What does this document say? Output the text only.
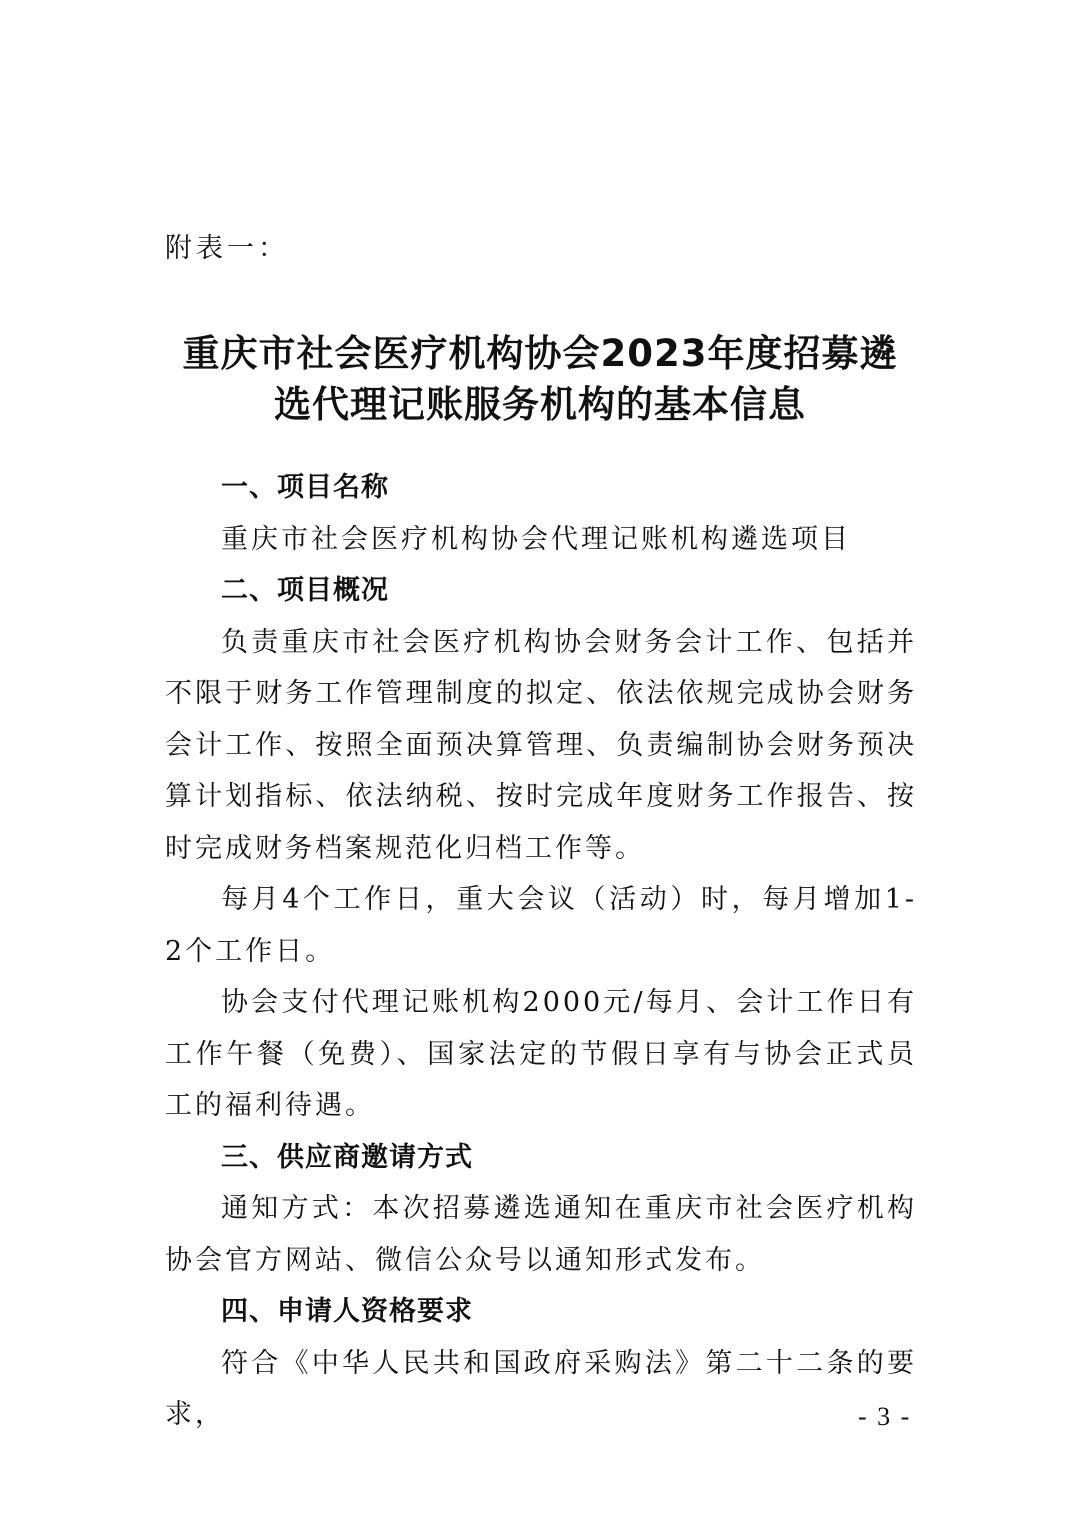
附表一：

重庆市社会医疗机构协会2023年度招募遴
选代理记账服务机构的基本信息
一、项目名称

重庆市社会医疗机构协会代理记账机构遴选项目

二、项目概况

负责重庆市社会医疗机构协会财务会计工作、包括并不限于财务工作管理制度的拟定、依法依规完成协会财务会计工作、按照全面预决算管理、负责编制协会财务预决算计划指标、依法纳税、按时完成年度财务工作报告、按时完成财务档案规范化归档工作等。

每月4个工作日，重大会议（活动）时，每月增加1-2个工作日。

协会支付代理记账机构2000元/每月、会计工作日有工作午餐（免费）、国家法定的节假日享有与协会正式员工的福利待遇。

三、供应商邀请方式

通知方式：本次招募遴选通知在重庆市社会医疗机构协会官方网站、微信公众号以通知形式发布。

四、申请人资格要求

符合《中华人民共和国政府采购法》第二十二条的要求，	- 3 -
